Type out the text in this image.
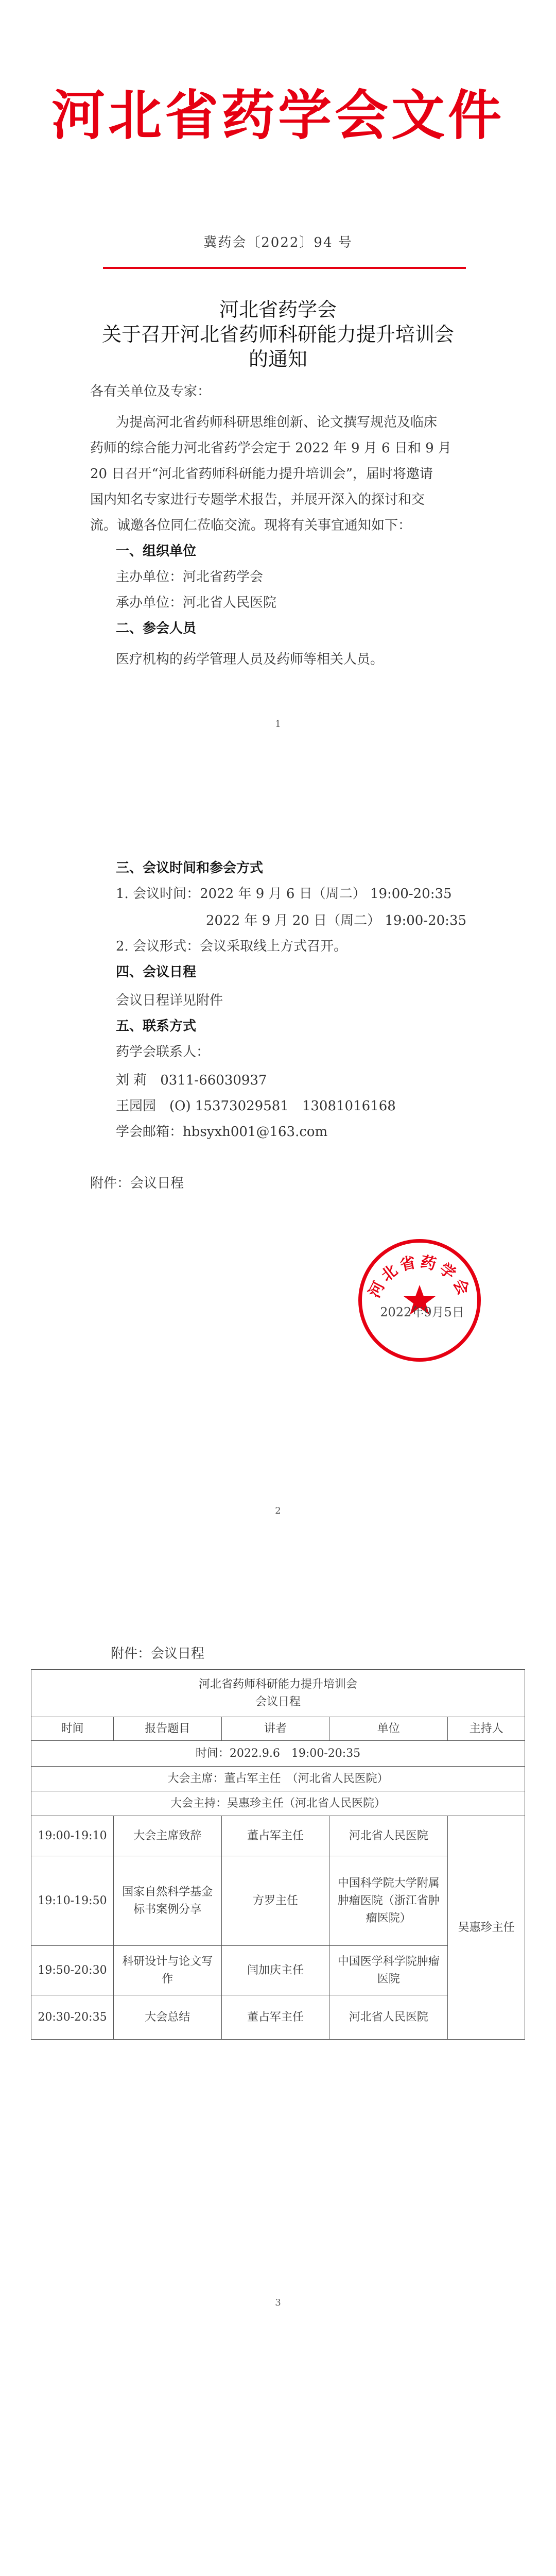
河北省药学会文件
冀药会〔2022〕94 号
河北省药学会
关于召开河北省药师科研能力提升培训会
的通知
各有关单位及专家：
为提高河北省药师科研思维创新、论文撰写规范及临床
药师的综合能力河北省药学会定于 2022 年 9 月 6 日和 9 月
20 日召开“河北省药师科研能力提升培训会”，届时将邀请
国内知名专家进行专题学术报告，并展开深入的探讨和交
流。诚邀各位同仁莅临交流。现将有关事宜通知如下：
一、组织单位
主办单位：河北省药学会
承办单位：河北省人民医院
二、参会人员
医疗机构的药学管理人员及药师等相关人员。
1
三、会议时间和参会方式
1. 会议时间：2022 年 9 月 6 日（周二） 19:00-20:35
2022 年 9 月 20 日（周二） 19:00-20:35
2. 会议形式：会议采取线上方式召开。
四、会议日程
会议日程详见附件
五、联系方式
药学会联系人：
刘 莉　0311-66030937
王园园　(O) 15373029581　13081016168
学会邮箱：hbsyxh001@163.com
附件：会议日程
河北省药学会
2022年9月5日
2
附件：会议日程
3
河北省药师科研能力提升培训会
会议日程				

时间	报告题目	讲者	单位	主持人
时间：2022.9.6　19:00-20:35				
大会主席：董占军主任　（河北省人民医院）				
大会主持：吴惠珍主任（河北省人民医院）				
19:00-19:10	大会主席致辞	董占军主任	河北省人民医院	吴惠珍主任
19:10-19:50	国家自然科学基金标书案例分享	方罗主任	中国科学院大学附属肿瘤医院（浙江省肿瘤医院）	
19:50-20:30	科研设计与论文写作	闫加庆主任	中国医学科学院肿瘤医院	
20:30-20:35	大会总结	董占军主任	河北省人民医院	
